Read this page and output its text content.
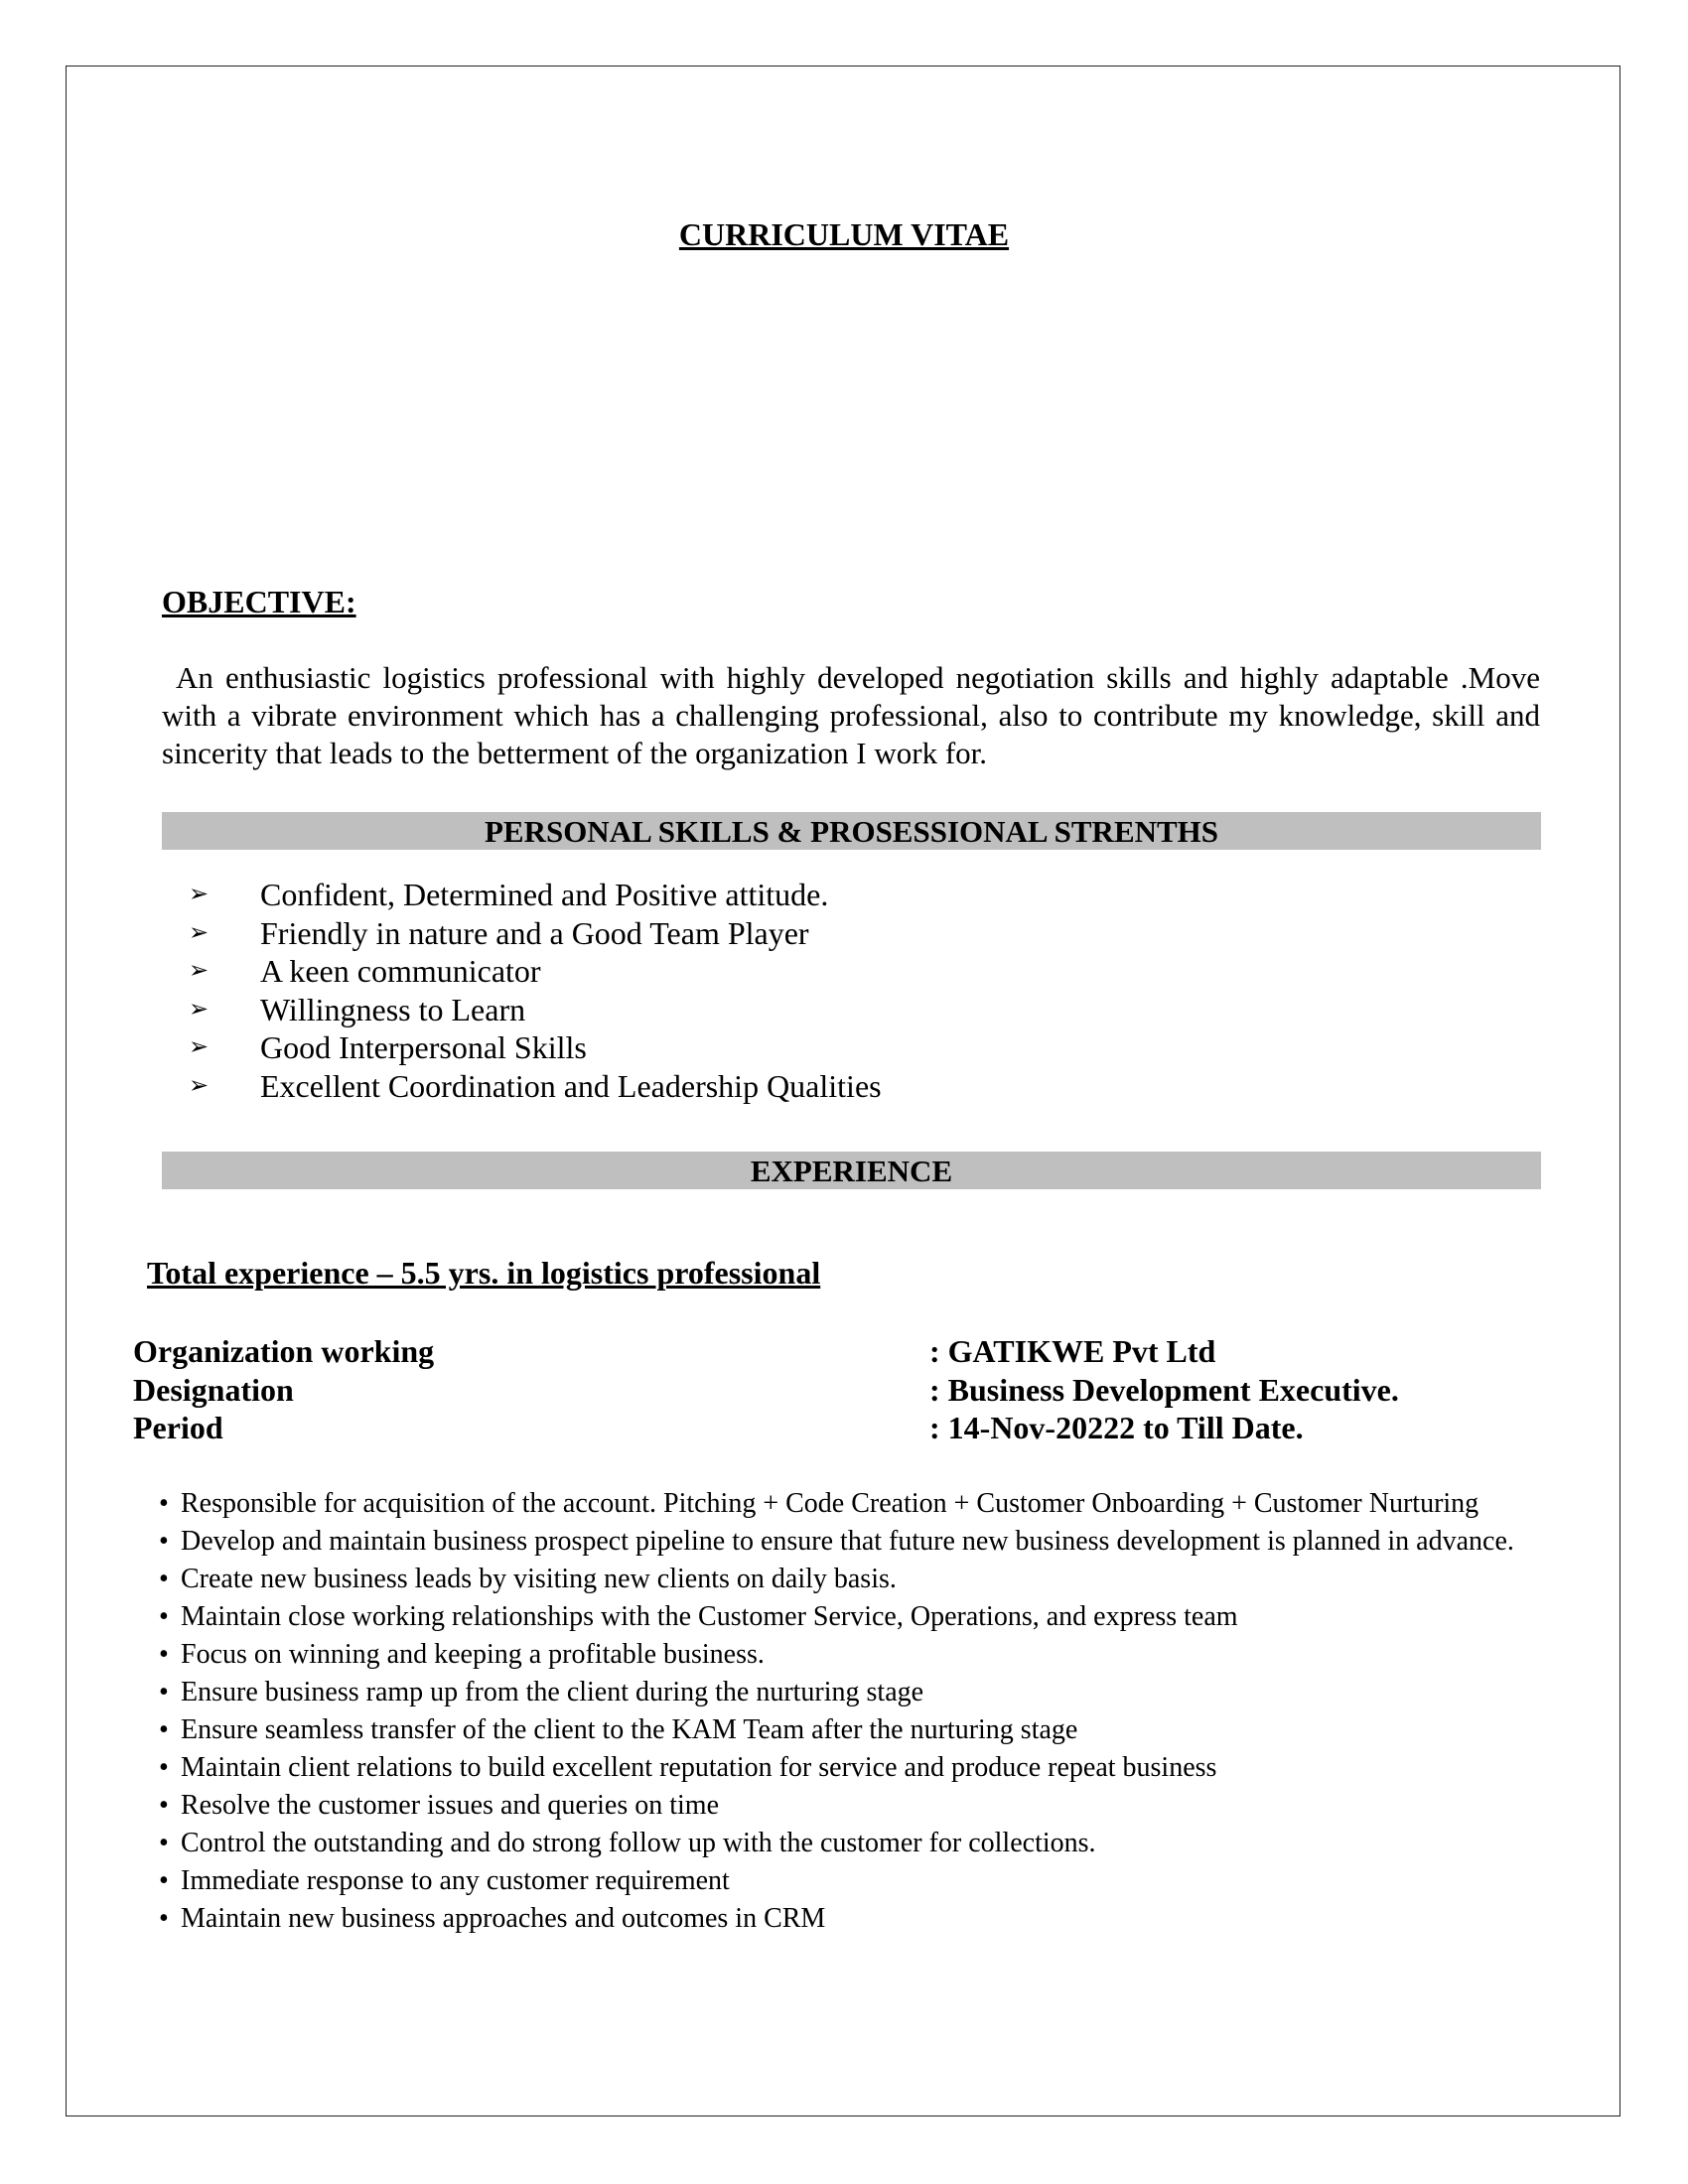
CURRICULUM VITAE
OBJECTIVE:
An enthusiastic logistics professional with highly developed negotiation skills and highly adaptable .Move with a vibrate environment which has a challenging professional, also to contribute my knowledge, skill and sincerity that leads to the betterment of the organization I work for.
PERSONAL SKILLS & PROSESSIONAL STRENTHS
➢	Confident, Determined and Positive attitude.
➢	Friendly in nature and a Good Team Player
➢	A keen communicator
➢	Willingness to Learn
➢	Good Interpersonal Skills
➢	Excellent Coordination and Leadership Qualities
EXPERIENCE
Total experience – 5.5 yrs. in logistics professional
Organization working	: GATIKWE Pvt Ltd
Designation	: Business Development Executive.
Period	: 14-Nov-20222 to Till Date.
• Responsible for acquisition of the account. Pitching + Code Creation + Customer Onboarding + Customer Nurturing
• Develop and maintain business prospect pipeline to ensure that future new business development is planned in advance.
• Create new business leads by visiting new clients on daily basis.
• Maintain close working relationships with the Customer Service, Operations, and express team
• Focus on winning and keeping a profitable business.
• Ensure business ramp up from the client during the nurturing stage
• Ensure seamless transfer of the client to the KAM Team after the nurturing stage
• Maintain client relations to build excellent reputation for service and produce repeat business
• Resolve the customer issues and queries on time
• Control the outstanding and do strong follow up with the customer for collections.
• Immediate response to any customer requirement
• Maintain new business approaches and outcomes in CRM
